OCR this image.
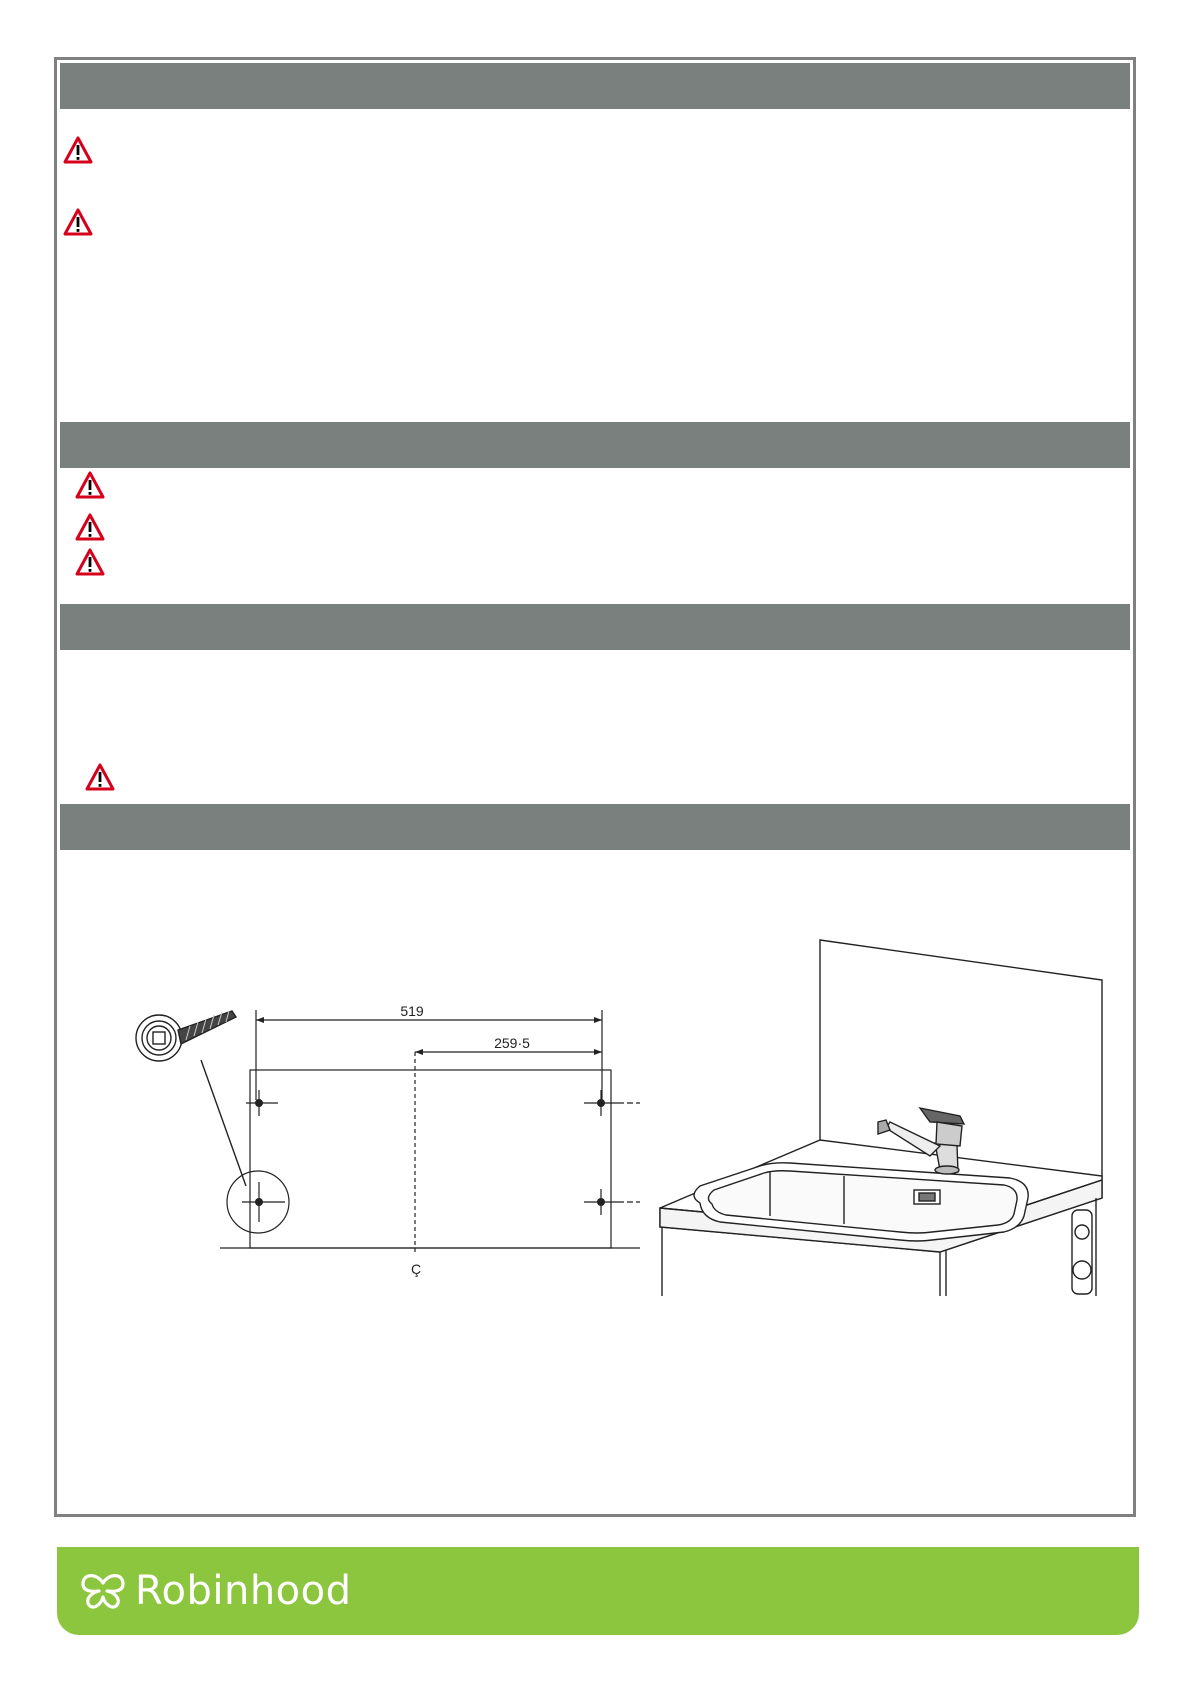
519
259·5
Ç
Robinhood
